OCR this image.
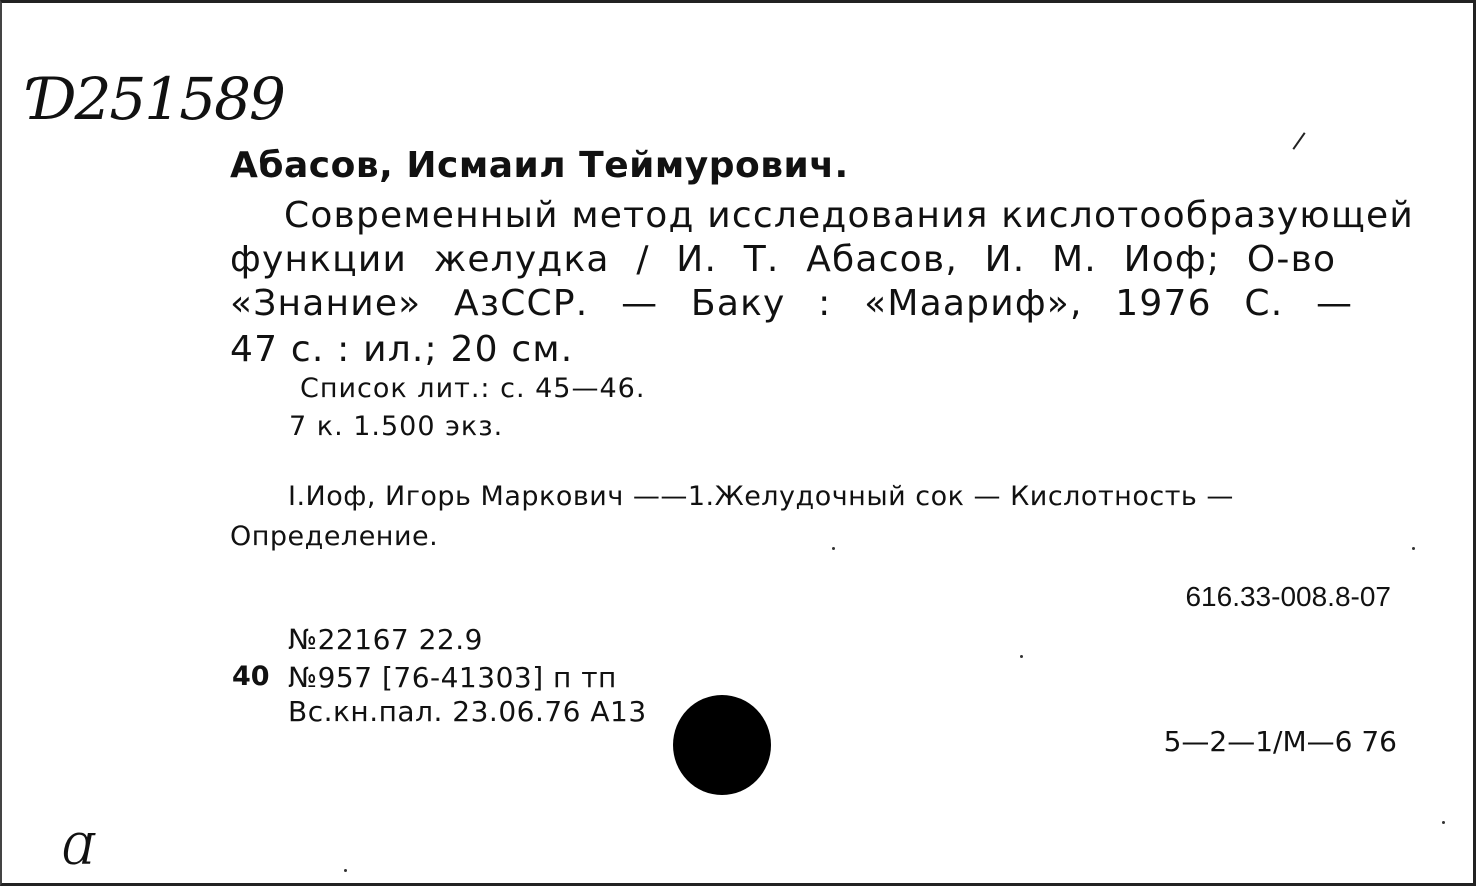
Ɗ251589
Абасов, Исмаил Теймурович.
Современный метод исследования кислотообразующей
функции желудка / И. Т. Абасов, И. М. Иоф; О-во
«Знание» АзССР. — Баку : «Маариф», 1976 С. —
47 с. : ил.; 20 см.
Список лит.: с. 45—46.
7 к. 1.500 экз.
I.Иоф, Игорь Маркович ——1.Желудочный сок — Кислотность —
Определение.
616.33-008.8-07
№22167 22.9
40 №957 [76-41303] п тп
Вс.кн.пал. 23.06.76 А13
5—2—1/М—6 76
Ɑ
